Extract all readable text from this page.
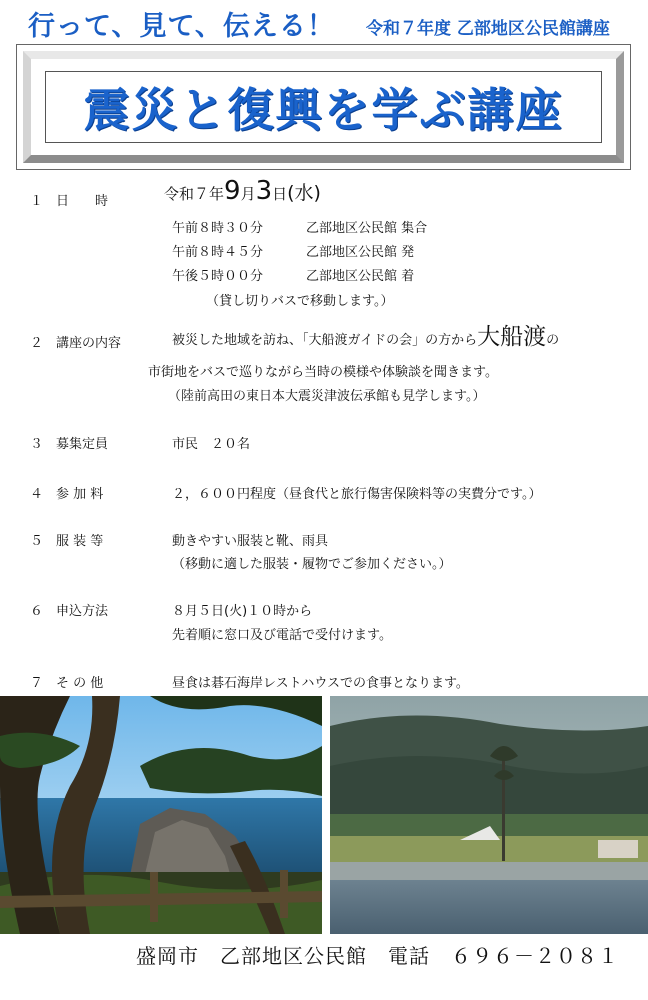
行って、見て、伝える！ 令和７年度 乙部地区公民館講座
震災と復興を学ぶ講座
１ 日　　時	令和７年9月3日(水)
午前８時３０分	乙部地区公民館 集合
午前８時４５分	乙部地区公民館 発
午後５時００分	乙部地区公民館 着
（貸し切りバスで移動します。）
２ 講座の内容	被災した地域を訪ね、「大船渡ガイドの会」の方から大船渡の
市街地をバスで巡りながら当時の模様や体験談を聞きます。
（陸前高田の東日本大震災津波伝承館も見学します。）
３ 募集定員	市民　２０名
４ 参 加 料	２，６００円程度（昼食代と旅行傷害保険料等の実費分です。）
５ 服 装 等	動きやすい服装と靴、雨具
（移動に適した服装・履物でご参加ください。）
６ 申込方法	８月５日(火)１０時から
先着順に窓口及び電話で受付けます。
７ そ の 他	昼食は碁石海岸レストハウスでの食事となります。
盛岡市　乙部地区公民館　電話　６９６－２０８１
